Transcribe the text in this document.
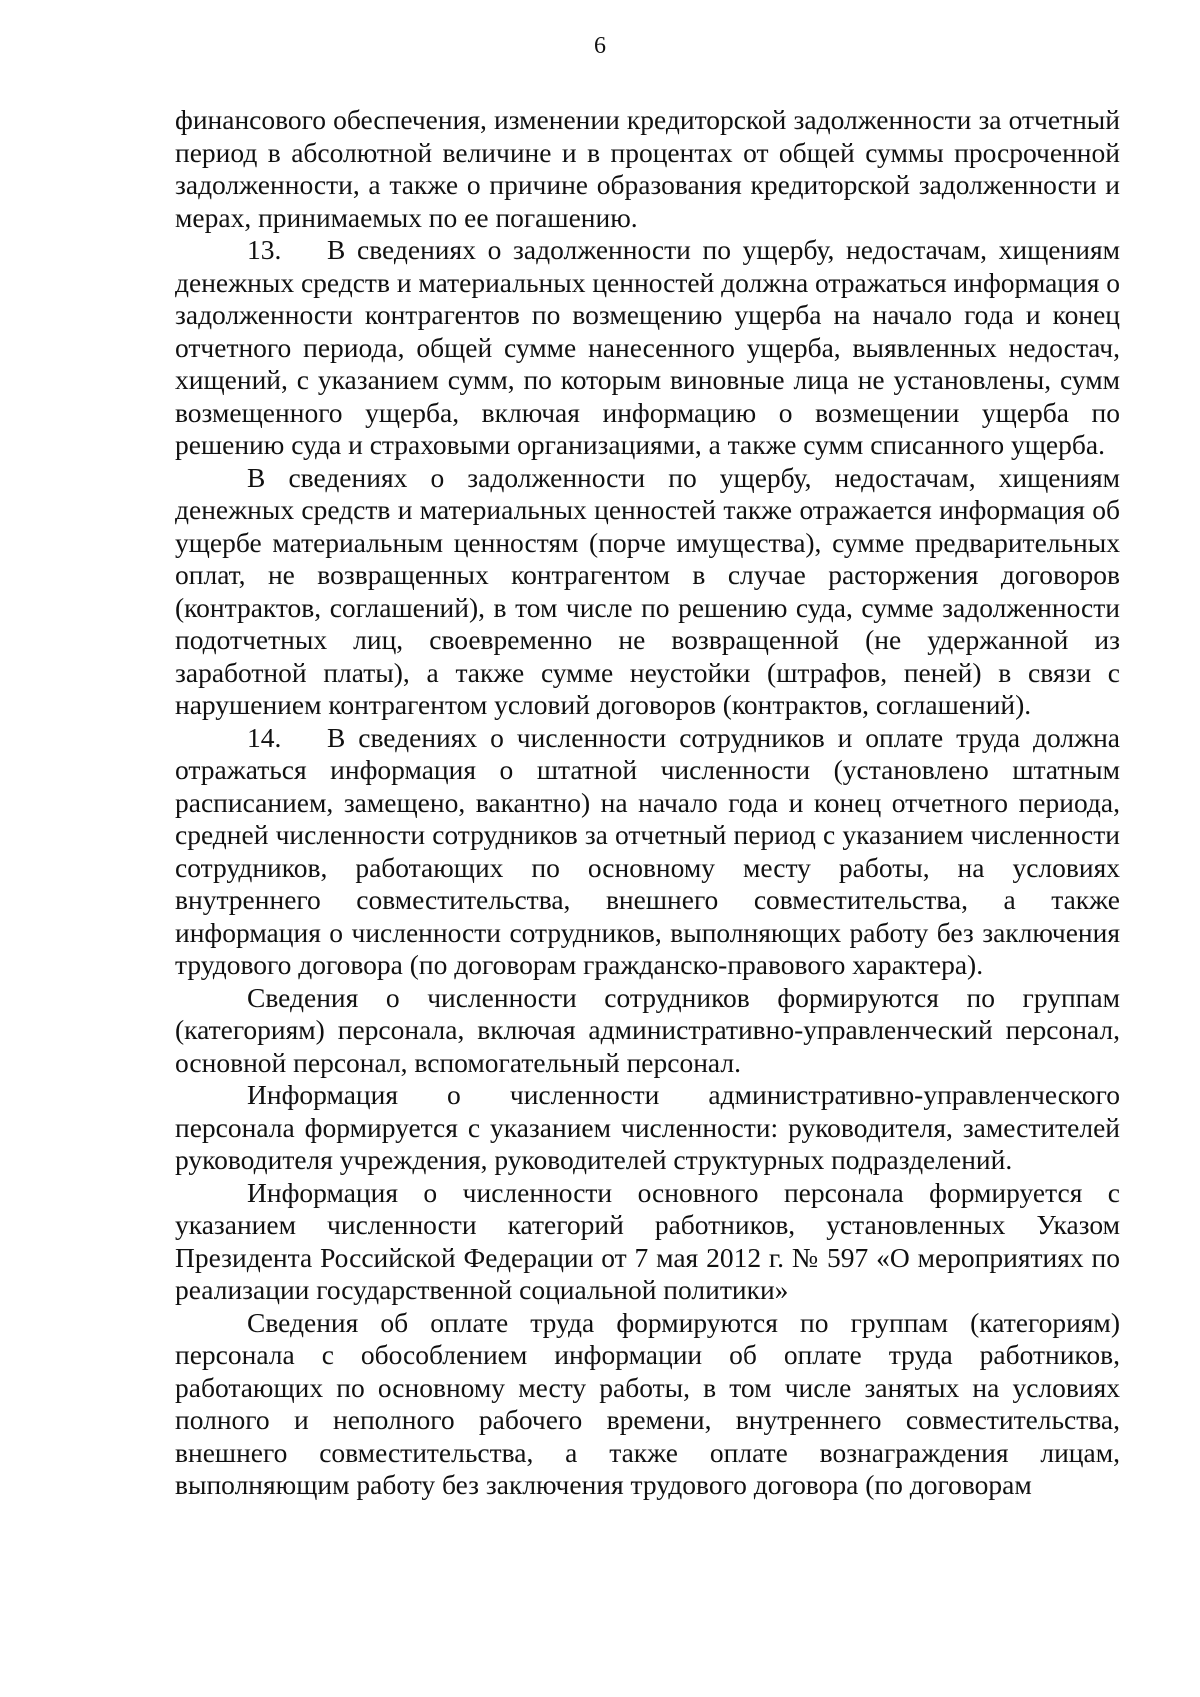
6

финансового обеспечения, изменении кредиторской задолженности за отчетный период в абсолютной величине и в процентах от общей суммы просроченной задолженности, а также о причине образования кредиторской задолженности и мерах, принимаемых по ее погашению.

13. В сведениях о задолженности по ущербу, недостачам, хищениям денежных средств и материальных ценностей должна отражаться информация о задолженности контрагентов по возмещению ущерба на начало года и конец отчетного периода, общей сумме нанесенного ущерба, выявленных недостач, хищений, с указанием сумм, по которым виновные лица не установлены, сумм возмещенного ущерба, включая информацию о возмещении ущерба по решению суда и страховыми организациями, а также сумм списанного ущерба.

В сведениях о задолженности по ущербу, недостачам, хищениям денежных средств и материальных ценностей также отражается информация об ущербе материальным ценностям (порче имущества), сумме предварительных оплат, не возвращенных контрагентом в случае расторжения договоров (контрактов, соглашений), в том числе по решению суда, сумме задолженности подотчетных лиц, своевременно не возвращенной (не удержанной из заработной платы), а также сумме неустойки (штрафов, пеней) в связи с нарушением контрагентом условий договоров (контрактов, соглашений).

14. В сведениях о численности сотрудников и оплате труда должна отражаться информация о штатной численности (установлено штатным расписанием, замещено, вакантно) на начало года и конец отчетного периода, средней численности сотрудников за отчетный период с указанием численности сотрудников, работающих по основному месту работы, на условиях внутреннего совместительства, внешнего совместительства, а также информация о численности сотрудников, выполняющих работу без заключения трудового договора (по договорам гражданско-правового характера).

Сведения о численности сотрудников формируются по группам (категориям) персонала, включая административно-управленческий персонал, основной персонал, вспомогательный персонал.

Информация о численности административно-управленческого персонала формируется с указанием численности: руководителя, заместителей руководителя учреждения, руководителей структурных подразделений.

Информация о численности основного персонала формируется с указанием численности категорий работников, установленных Указом Президента Российской Федерации от 7 мая 2012 г. № 597 «О мероприятиях по реализации государственной социальной политики»

Сведения об оплате труда формируются по группам (категориям) персонала с обособлением информации об оплате труда работников, работающих по основному месту работы, в том числе занятых на условиях полного и неполного рабочего времени, внутреннего совместительства, внешнего совместительства, а также оплате вознаграждения лицам, выполняющим работу без заключения трудового договора (по договорам
